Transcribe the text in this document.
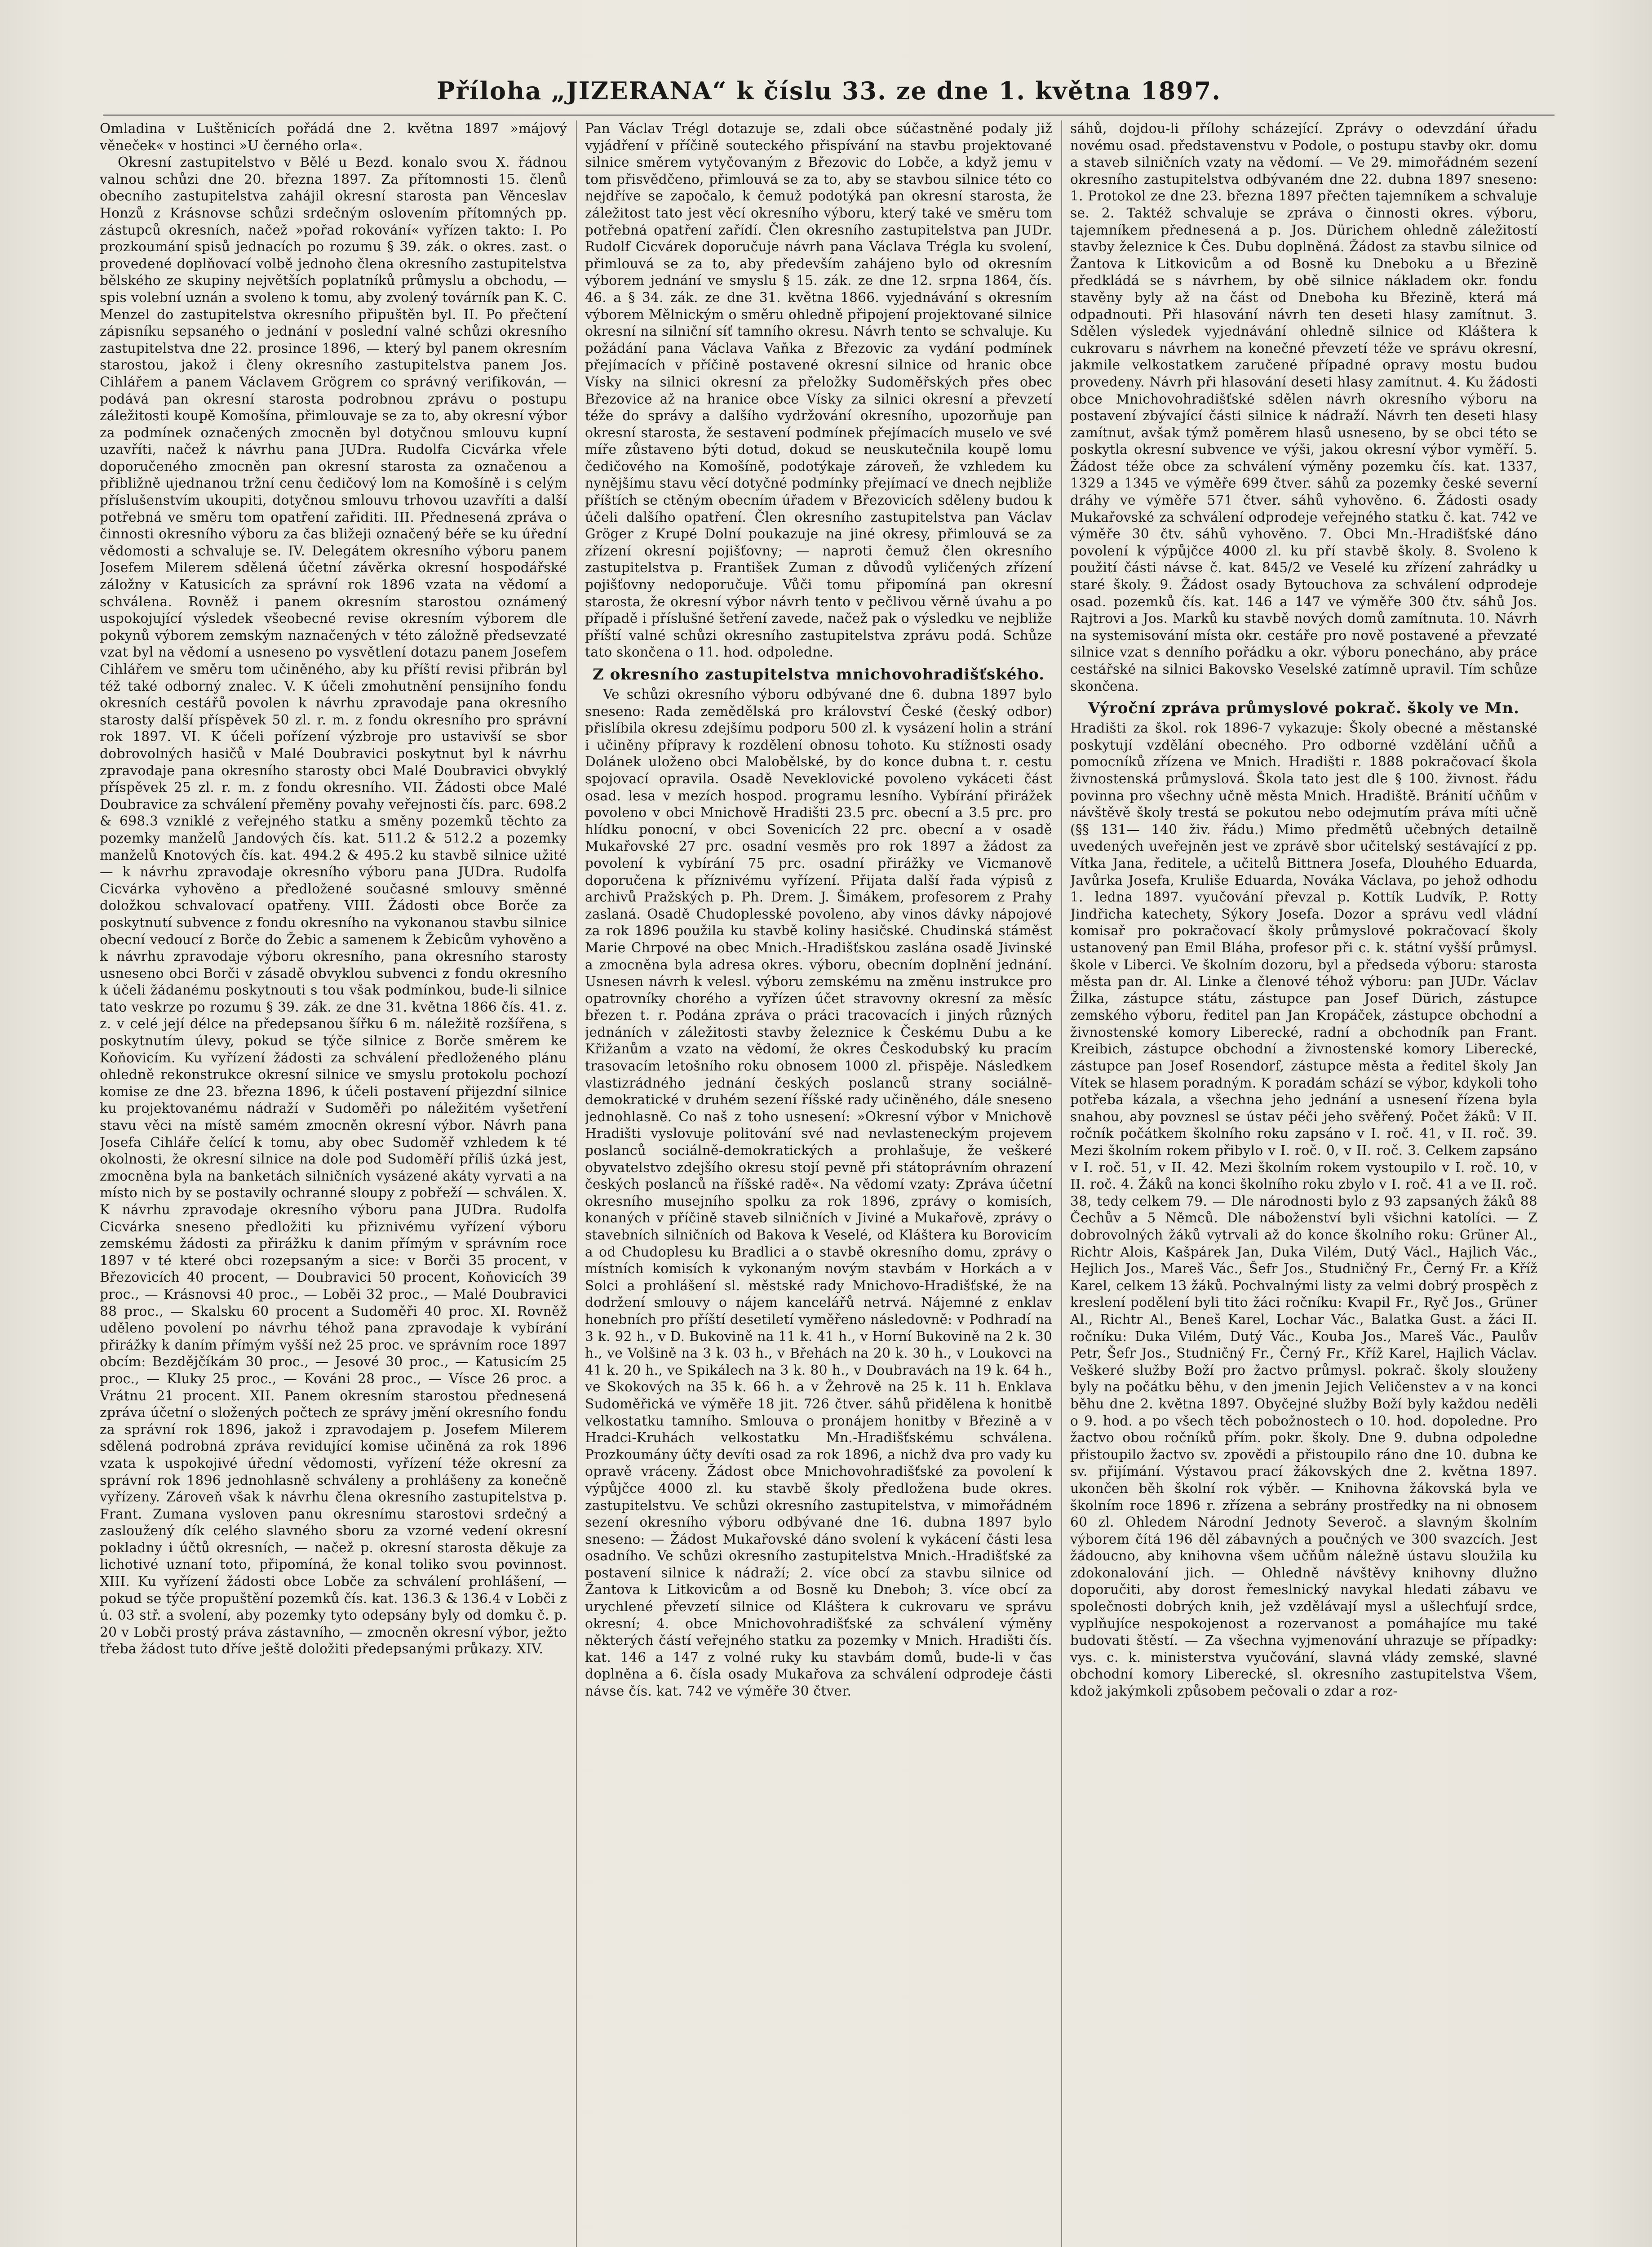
Příloha „JIZERANA“ k číslu 33. ze dne 1. května 1897.

Omladina v Luštěnicích pořádá dne 2. května 1897 »májový věneček« v hostinci »U černého orla«.

Okresní zastupitelstvo v Bělé u Bezd. konalo svou X. řádnou valnou schůzi dne 20. března 1897. Za přítomnosti 15. členů obecního zastupitelstva zahájil okresní starosta pan Věnceslav Honzů z Krásnovse schůzi srdečným oslovením přítomných pp. zástupců okresních, načež »pořad rokování« vyřízen takto: I. Po prozkoumání spisů jednacích po rozumu § 39. zák. o okres. zast. o provedené doplňovací volbě jednoho člena okresního zastupitelstva bělského ze skupiny největších poplatníků průmyslu a obchodu, — spis volební uznán a svoleno k tomu, aby zvolený továrník pan K. C. Menzel do zastupitelstva okresního připuštěn byl. II. Po přečtení zápisníku sepsaného o jednání v poslední valné schůzi okresního zastupitelstva dne 22. prosince 1896, — který byl panem okresním starostou, jakož i členy okresního zastupitelstva panem Jos. Cihlářem a panem Václavem Grögrem co správný verifikován, — podává pan okresní starosta podrobnou zprávu o postupu záležitosti koupě Komošína, přimlouvaje se za to, aby okresní výbor za podmínek označených zmocněn byl dotyčnou smlouvu kupní uzavříti, načež k návrhu pana JUDra. Rudolfa Cicvárka vřele doporučeného zmocněn pan okresní starosta za označenou a přibližně ujednanou tržní cenu čedičový lom na Komošíně i s celým příslušenstvím ukoupiti, dotyčnou smlouvu trhovou uzavříti a další potřebná ve směru tom opatření zařiditi. III. Přednesená zpráva o činnosti okresního výboru za čas bližeji označený béře se ku úřední vědomosti a schvaluje se. IV. Delegátem okresního výboru panem Josefem Milerem sdělená účetní závěrka okresní hospodářské záložny v Katusicích za správní rok 1896 vzata na vědomí a schválena. Rovněž i panem okresním starostou oznámený uspokojující výsledek všeobecné revise okresním výborem dle pokynů výborem zemským naznačených v této záložně předsevzaté vzat byl na vědomí a usneseno po vysvětlení dotazu panem Josefem Cihlářem ve směru tom učiněného, aby ku příští revisi přibrán byl též také odborný znalec. V. K účeli zmohutnění pensijního fondu okresních cestářů povolen k návrhu zpravodaje pana okresního starosty další příspěvek 50 zl. r. m. z fondu okresního pro správní rok 1897. VI. K účeli pořízení výzbroje pro ustavivší se sbor dobrovolných hasičů v Malé Doubravici poskytnut byl k návrhu zpravodaje pana okresního starosty obci Malé Doubravici obvyklý příspěvek 25 zl. r. m. z fondu okresního. VII. Žádosti obce Malé Doubravice za schválení přeměny povahy veřejnosti čís. parc. 698.2 & 698.3 vzniklé z veřejného statku a směny pozemků těchto za pozemky manželů Jandových čís. kat. 511.2 & 512.2 a pozemky manželů Knotových čís. kat. 494.2 & 495.2 ku stavbě silnice užité — k návrhu zpravodaje okresního výboru pana JUDra. Rudolfa Cicvárka vyhověno a předložené současné smlouvy směnné doložkou schvalovací opatřeny. VIII. Žádosti obce Borče za poskytnutí subvence z fondu okresního na vykonanou stavbu silnice obecní vedoucí z Borče do Žebic a samenem k Žebicům vyhověno a k návrhu zpravodaje výboru okresního, pana okresního starosty usneseno obci Borči v zásadě obvyklou subvenci z fondu okresního k účeli žádanému poskytnouti s tou však podmínkou, bude-li silnice tato veskrze po rozumu § 39. zák. ze dne 31. května 1866 čís. 41. z. z. v celé její délce na předepsanou šířku 6 m. náležitě rozšířena, s poskytnutím úlevy, pokud se týče silnice z Borče směrem ke Koňovicím. Ku vyřízení žádosti za schválení předloženého plánu ohledně rekonstrukce okresní silnice ve smyslu protokolu pochozí komise ze dne 23. března 1896, k účeli postavení přijezdní silnice ku projektovanému nádraží v Sudoměři po náležitém vyšetření stavu věci na místě samém zmocněn okresní výbor. Návrh pana Josefa Cihláře čelící k tomu, aby obec Sudoměř vzhledem k té okolnosti, že okresní silnice na dole pod Sudoměří příliš úzká jest, zmocněna byla na banketách silničních vysázené akáty vyrvati a na místo nich by se postavily ochranné sloupy z pobřeží — schválen. X. K návrhu zpravodaje okresního výboru pana JUDra. Rudolfa Cicvárka snesenо předložiti ku přiznivému vyřízení výboru zemskému žádosti za přirážku k danim přímým v správním roce 1897 v té které obci rozepsaným a sice: v Borči 35 procent, v Březovicích 40 procent, — Doubravici 50 procent, Koňovicích 39 proc., — Krásnovsi 40 proc., — Loběi 32 proc., — Malé Doubravici 88 proc., — Skalsku 60 procent a Sudoměři 40 proc. XI. Rovněž uděleno povolení po návrhu téhož pana zpravodaje k vybírání přirážky k daním přímým vyšší než 25 proc. ve správním roce 1897 obcím: Bezdějčíkám 30 proc., — Jesové 30 proc., — Katusicím 25 proc., — Kluky 25 proc., — Kováni 28 proc., — Vísce 26 proc. a Vrátnu 21 procent. XII. Panem okresním starostou přednesená zpráva účetní o složených počtech ze správy jmění okresního fondu za správní rok 1896, jakož i zpravodajem p. Josefem Milerem sdělená podrobná zpráva revidující komise učiněná za rok 1896 vzata k uspokojivé úřední vědomosti, vyřízení téže okresní za správní rok 1896 jednohlasně schváleny a prohlášeny za konečně vyřízeny. Zároveň však k návrhu člena okresního zastupitelstva p. Frant. Zumana vysloven panu okresnímu starostovi srdečný a zasloužený dík celého slavného sboru za vzorné vedení okresní pokladny i účtů okresních, — načež p. okresní starosta děkuje za lichotivé uznaní toto, připomíná, že konal toliko svou povinnost. XIII. Ku vyřízení žádosti obce Lobče za schválení prohlášení, — pokud se týče propuštění pozemků čís. kat. 136.3 & 136.4 v Lobči z ú. 03 stř. a svolení, aby pozemky tyto odepsány byly od domku č. p. 20 v Lobči prostý práva zástavního, — zmocněn okresní výbor, ježto třeba žádost tuto dříve ještě doložiti předepsanými průkazy. XIV.

Pan Václav Trégl dotazuje se, zdali obce súčastněné podaly již vyjádření v příčině souteckého přispívání na stavbu projektované silnice směrem vytyčovaným z Březovic do Lobče, a když jemu v tom přisvědčeno, přimlouvá se za to, aby se stavbou silnice této co nejdříve se započalo, k čemuž podotýká pan okresní starosta, že záležitost tato jest věcí okresního výboru, který také ve směru tom potřebná opatření zařídí. Člen okresního zastupitelstva pan JUDr. Rudolf Cicvárek doporučuje návrh pana Václava Trégla ku svolení, přimlouvá se za to, aby především zahájeno bylo od okresním výborem jednání ve smyslu § 15. zák. ze dne 12. srpna 1864, čís. 46. a § 34. zák. ze dne 31. května 1866. vyjednávání s okresním výborem Mělnickým o směru ohledně připojení projektované silnice okresní na silniční síť tamního okresu. Návrh tento se schvaluje. Ku požádání pana Václava Vaňka z Březovic za vydání podmínek přejímacích v příčině postavené okresní silnice od hranic obce Vísky na silnici okresní za přeložky Sudoměřských přes obec Březovice až na hranice obce Vísky za silnici okresní a převzetí téže do správy a dalšího vydržování okresního, upozorňuje pan okresní starosta, že sestavení podmínek přejímacích muselo ve své míře zůstaveno býti dotud, dokud se neuskutečnila koupě lomu čedičového na Komošíně, podotýkaje zároveň, že vzhledem ku nynějšímu stavu věcí dotyčné podmínky přejímací ve dnech nejbliže příštích se ctěným obecním úřadem v Březovicích sdělenу budou k účeli dalšího opatření. Člen okresního zastupitelstva pan Václav Gröger z Krupé Dolní poukazuje na jiné okresy, přimlouvá se za zřízení okresní pojišťovny; — naproti čemuž člen okresního zastupitelstva p. František Zuman z důvodů vyličených zřízení pojišťovny nedoporučuje. Vůči tomu připomíná pan okresní starosta, že okresní výbor návrh tento v pečlivou věrně úvahu a po případě i příslušné šetření zavede, načež pak o výsledku ve nejbliže příští valné schůzi okresního zastupitelstva zprávu podá. Schůze tato skončena o 11. hod. odpoledne.

Z okresního zastupitelstva mnichovohradišťského.

Ve schůzi okresního výboru odbývané dne 6. dubna 1897 bylo sneseno: Rada zemědělská pro království České (český odbor) přislíbila okresu zdejšímu podporu 500 zl. k vysázení holin a strání i učiněny přípravy k rozdělení obnosu tohoto. Ku stížnosti osady Dolánek uloženo obci Malobělské, by do konce dubna t. r. cestu spojovací opravila. Osadě Neveklovické povoleno vykáceti část osad. lesa v mezích hospod. programu lesního. Vybírání přirážek povoleno v obci Mnichově Hradišti 23.5 prc. obecní a 3.5 prc. pro hlídku ponocní, v obci Sovenicích 22 prc. obecní a v osadě Mukařovské 27 prc. osadní vesměs pro rok 1897 a žádost za povolení k vybírání 75 prc. osadní přirážky ve Vicmanově doporučena k příznivému vyřízení. Přijata další řada výpisů z archivů Pražských p. Ph. Drem. J. Šimákem, profesorem z Prahy zaslaná. Osadě Chudoplesské povoleno, aby vinos dávky nápojové za rok 1896 použila ku stavbě koliny hasičské. Chudinská stáměst Marie Chrpové na obec Mnich.-Hradišťskou zaslána osadě Jivinské a zmocněna byla adresa okres. výboru, obecním doplnění jednání. Usnesen návrh k velesl. výboru zemskému na změnu instrukce pro opatrovníky chorého a vyřízen účet stravovny okresní za měsíc březen t. r. Podána zpráva o práci tracovacích i jiných různých jednáních v záležitosti stavby železnice k Českému Dubu a ke Křižanům a vzato na vědomí, že okres Českodubský ku pracím trasovacím letošního roku obnosem 1000 zl. přispěje. Následkem vlastizrádného jednání českých poslanců strany sociálně-demokratické v druhém sezení říšské rady učiněného, dále sneseno jednohlasně. Co naš z toho usnesení: »Okresní výbor v Mnichově Hradišti vyslovuje politování své nad nevlasteneckým projevem poslanců sociálně-demokratických a prohlašuje, že veškeré obyvatelstvo zdejšího okresu stojí pevně při státoprávním ohrazení českých poslanců na říšské radě«. Na vědomí vzaty: Zpráva účetní okresního musejního spolku za rok 1896, zprávy o komisích, konaných v příčině staveb silničních v Jiviné a Mukařově, zprávy o stavebních silničních od Bakova k Veselé, od Kláštera ku Borovicím a od Chudoplesu ku Bradlici a o stavbě okresního domu, zprávy o místních komisích k vykonaným novým stavbám v Horkách a v Solci a prohlášení sl. městské rady Mnichovo-Hradišťské, že na dodržení smlouvy o nájem kancelářů netrvá. Nájemné z enklav honebních pro příští desetiletí vyměřeno následovně: v Podhradí na 3 k. 92 h., v D. Bukovině na 11 k. 41 h., v Horní Bukovině na 2 k. 30 h., ve Volšině na 3 k. 03 h., v Břehách na 20 k. 30 h., v Loukovci na 41 k. 20 h., ve Spikálech na 3 k. 80 h., v Doubravách na 19 k. 64 h., ve Skokových na 35 k. 66 h. a v Žehrově na 25 k. 11 h. Enklava Sudoměřická ve výměře 18 jit. 726 čtver. sáhů přidělena k honitbě velkostatku tamního. Smlouva o pronájem honitby v Březině a v Hradci-Kruhách velkostatku Mn.-Hradišťskému schválena. Prozkoumány účty devíti osad za rok 1896, a nichž dva pro vady ku opravě vráceny. Žádost obce Mnichovohradišťské za povolení k výpůjčce 4000 zl. ku stavbě školy předložena bude okres. zastupitelstvu. Ve schůzi okresního zastupitelstva, v mimořádném sezení okresního výboru odbývané dne 16. dubna 1897 bylo sneseno: — Žádost Mukařovské dáno svolení k vykácení části lesa osadního. Ve schůzi okresního zastupitelstva Mnich.-Hradišťské za postavení silnice k nádraží; 2. více obcí za stavbu silnice od Žantova k Litkovicům a od Bosně ku Dneboh; 3. více obcí za urychlené převzetí silnice od Kláštera k cukrovaru ve správu okresní; 4. obce Mnichovohradišťské za schválení výměny některých částí veřejného statku za pozemky v Mnich. Hradišti čís. kat. 146 a 147 z volné ruky ku stavbám domů, bude-li v čas doplněna a 6. čísla osady Mukařova za schválení odprodeje části návse čís. kat. 742 ve výměře 30 čtver.

sáhů, dojdou-li přílohy scházející. Zprávy o odevzdání úřadu novému osad. představenstvu v Podole, o postupu stavby okr. domu a staveb silničních vzaty na vědomí. — Ve 29. mimořádném sezení okresního zastupitelstva odbývaném dne 22. dubna 1897 sneseno: 1. Protokol ze dne 23. března 1897 přečten tajemníkem a schvaluje se. 2. Taktéž schvaluje se zpráva o činnosti okres. výboru, tajemníkem přednesená a p. Jos. Dürichem ohledně záležitostí stavby železnice k Čes. Dubu doplněná. Žádost za stavbu silnice od Žantova k Litkovicům a od Bosně ku Dneboku a u Březině předkládá se s návrhem, by obě silnice nákladem okr. fondu stavěny byly až na část od Dneboha ku Březině, která má odpadnouti. Při hlasování návrh ten deseti hlasy zamítnut. 3. Sdělen výsledek vyjednávání ohledně silnice od Kláštera k cukrovaru s návrhem na konečné převzetí téže ve správu okresní, jakmile velkostatkem zaručené případné opravy mostu budou provedeny. Návrh při hlasování deseti hlasy zamítnut. 4. Ku žádosti obce Mnichovohradišťské sdělen návrh okresního výboru na postavení zbývající části silnice k nádraží. Návrh ten deseti hlasy zamítnut, avšak týmž poměrem hlasů usneseno, by se obci této se poskytla okresní subvence ve výši, jakou okresní výbor vyměří. 5. Žádost téže obce za schválení výměny pozemku čís. kat. 1337, 1329 a 1345 ve výměře 699 čtver. sáhů za pozemky české severní dráhy ve výměře 571 čtver. sáhů vyhověno. 6. Žádosti osady Mukařovské za schválení odprodeje veřejného statku č. kat. 742 ve výměře 30 čtv. sáhů vyhověno. 7. Obci Mn.-Hradišťské dáno povolení k výpůjčce 4000 zl. ku pří stavbě školy. 8. Svoleno k použití části návse č. kat. 845/2 ve Veselé ku zřízení zahrádky u staré školy. 9. Žádost osady Bytouchova za schválení odprodeje osad. pozemků čís. kat. 146 a 147 ve výměře 300 čtv. sáhů Jos. Rajtrovi a Jos. Marků ku stavbě nových domů zamítnuta. 10. Návrh na systemisování místa okr. cestáře pro nově postavené a převzaté silnice vzat s denního pořádku a okr. výboru ponecháno, aby práce cestářské na silnici Bakovsko Veselské zatímně upravil. Tím schůze skončena.

Výroční zpráva průmyslové pokrač. školy ve Mn.

Hradišti za škol. rok 1896-7 vykazuje: Školy obecné a městanské poskytují vzdělání obecného. Pro odborné vzdělání učňů a pomocníků zřízena ve Mnich. Hradišti r. 1888 pokračovací škola živnostenská průmyslová. Škola tato jest dle § 100. živnost. řádu povinna pro všechny učně města Mnich. Hradiště. Bránití učňům v návštěvě školy trestá se pokutou nebo odejmutím práva míti učně (§§ 131— 140 živ. řádu.) Mimo předmětů učebných detailně uvedených uveřejněn jest ve zprávě sbor učitelský sestávající z pp. Vítka Jana, ředitele, a učitelů Bittnera Josefa, Dlouhého Eduarda, Javůrka Josefa, Kruliše Eduarda, Nováka Václava, po jehož odhodu 1. ledna 1897. vyučování převzal p. Kottík Ludvík, P. Rotty Jindřicha katechety, Sýkory Josefa. Dozor a správu vedl vládní komisař pro pokračovací školy průmyslové pokračovací školy ustanovený pan Emil Bláha, profesor při c. k. státní vyšší průmysl. škole v Liberci. Ve školním dozoru, byl a předseda výboru: starosta města pan dr. Al. Linke a členové téhož výboru: pan JUDr. Václav Žilka, zástupce státu, zástupce pan Josef Dürich, zástupce zemského výboru, ředitel pan Jan Kropáček, zástupce obchodní a živnostenské komory Liberecké, radní a obchodník pan Frant. Kreibich, zástupce obchodní a živnostenské komory Liberecké, zástupce pan Josef Rosendorf, zástupce města a ředitel školy Jan Vítek se hlasem poradným. K poradám schází se výbor, kdykoli toho potřeba kázala, a všechna jeho jednání a usnesení řízena byla snahou, aby povznesl se ústav péči jeho svěřený. Počet žáků: V II. ročník počátkem školního roku zapsáno v I. roč. 41, v II. roč. 39. Mezi školním rokem přibylo v I. roč. 0, v II. roč. 3. Celkem zapsáno v I. roč. 51, v II. 42. Mezi školním rokem vystoupilo v I. roč. 10, v II. roč. 4. Žáků na konci školního roku zbylo v I. roč. 41 a ve II. roč. 38, tedy celkem 79. — Dle národnosti bylo z 93 zapsaných žáků 88 Čechův a 5 Němců. Dle náboženství byli všichni katolíci. — Z dobrovolných žáků vytrvali až do konce školního roku: Grüner Al., Richtr Alois, Kašpárek Jan, Duka Vilém, Dutý Václ., Hajlich Vác., Hejlich Jos., Mareš Vác., Šefr Jos., Studničný Fr., Černý Fr. a Kříž Karel, celkem 13 žáků. Pochvalnými listy za velmi dobrý prospěch z kreslení podělení byli tito žáci ročníku: Kvapil Fr., Ryč Jos., Grüner Al., Richtr Al., Beneš Karel, Lochar Vác., Balatka Gust. a žáci II. ročníku: Duka Vilém, Dutý Vác., Kouba Jos., Mareš Vác., Paulův Petr, Šefr Jos., Studničný Fr., Černý Fr., Kříž Karel, Hajlich Václav. Veškeré služby Boží pro žactvo průmysl. pokrač. školy slouženy byly na počátku běhu, v den jmenin Jejich Veličenstev a v na konci běhu dne 2. května 1897. Obyčejné služby Boží byly každou neděli o 9. hod. a po všech těch pobožnostech o 10. hod. dopoledne. Pro žactvo obou ročníků přím. pokr. školy. Dne 9. dubna odpoledne přistoupilo žactvo sv. zpovědi a přistoupilo ráno dne 10. dubna ke sv. přijímání. Výstavou prací žákovských dne 2. května 1897. ukončen běh školní rok výběr. — Knihovna žákovská byla ve školním roce 1896 r. zřízena a sebrány prostředky na ni obnosem 60 zl. Ohledem Národní Jednoty Severoč. a slavným školním výborem čítá 196 děl zábavných a poučných ve 300 svazcích. Jest žádoucno, aby knihovna všem učňům náležně ústavu sloužila ku zdokonalování jich. — Ohledně návštěvy knihovny dlužno doporučiti, aby dorost řemeslnický navykal hledati zábavu ve společnosti dobrých knih, jež vzdělávají mysl a ušlechťují srdce, vyplňujíce nespokojenost a rozervanost a pomáhajíce mu také budovati štěstí. — Za všechna vyjmenování uhrazuje se případky: vys. c. k. ministerstva vyučování, slavná vlády zemské, slavné obchodní komory Liberecké, sl. okresního zastupitelstva Všem, kdož jakýmkoli způsobem pečovali o zdar a roz-
